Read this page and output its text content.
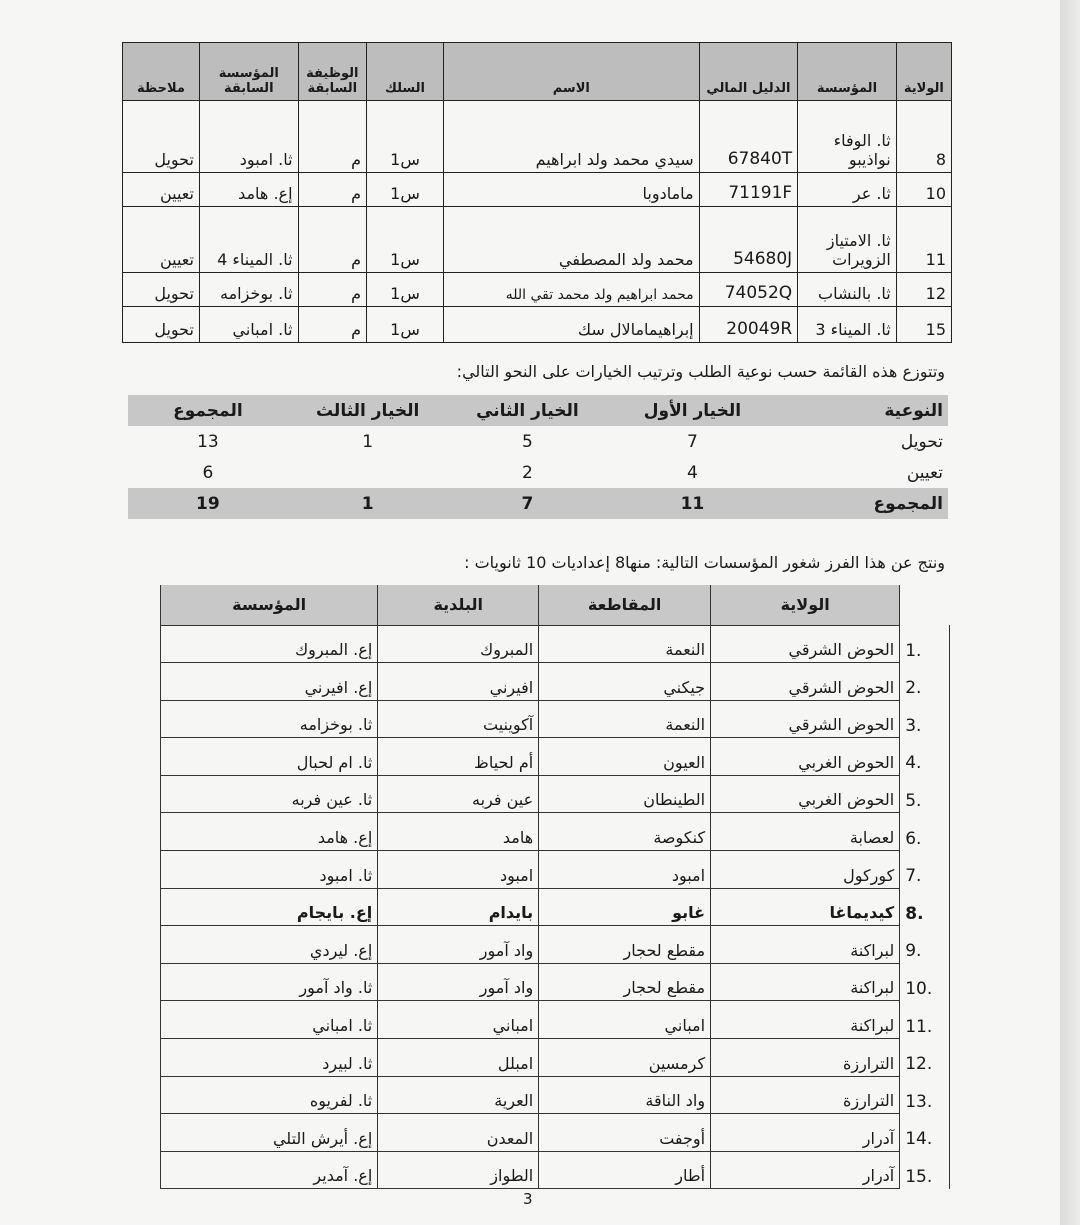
الولاية	المؤسسة	الدليل المالي	الاسم	السلك	الوظيفة السابقة	المؤسسة السابقة	ملاحظة
8	ثا. الوفاء نواذيبو	67840T	سيدي محمد ولد ابراهيم	س1	م	ثا. امبود	تحويل
10	ثا. عر	71191F	مامادوبا	س1	م	إع. هامد	تعيين
11	ثا. الامتياز الزويرات	54680J	محمد ولد المصطفي	س1	م	ثا. الميناء 4	تعيين
12	ثا. بالنشاب	74052Q	محمد ابراهيم ولد محمد تقي الله	س1	م	ثا. بوخزامه	تحويل
15	ثا. الميناء 3	20049R	إبراهيمامالال سك	س1	م	ثا. امباني	تحويل
وتتوزع هذه القائمة حسب نوعية الطلب وترتيب الخيارات على النحو التالي:
النوعية	الخيار الأول	الخيار الثاني	الخيار الثالث	المجموع
تحويل	7	5	1	13
تعيين	4	2		6
المجموع	11	7	1	19
ونتج عن هذا الفرز شغور المؤسسات التالية: منها8 إعداديات 10 ثانويات :
	الولاية	المقاطعة	البلدية	المؤسسة
1.	الحوض الشرقي	النعمة	المبروك	إع. المبروك
2.	الحوض الشرقي	جيكني	افيرني	إع. افيرني
3.	الحوض الشرقي	النعمة	آكوينيت	ثا. بوخزامه
4.	الحوض الغربي	العيون	أم لحياظ	ثا. ام لحبال
5.	الحوض الغربي	الطينطان	عين فربه	ثا. عين فربه
6.	لعصابة	كنكوصة	هامد	إع. هامد
7.	كوركول	امبود	امبود	ثا. امبود
8.	كيديماغا	غابو	بايدام	إع. بايجام
9.	لبراكنة	مقطع لحجار	واد آمور	إع. ليردي
10.	لبراكنة	مقطع لحجار	واد آمور	ثا. واد آمور
11.	لبراكنة	امباني	امباني	ثا. امباني
12.	الترارزة	كرمسين	امبلل	ثا. لبيرد
13.	الترارزة	واد الناقة	العرية	ثا. لفريوه
14.	آدرار	أوجفت	المعدن	إع. أيرش التلي
15.	آدرار	أطار	الطواز	إع. آمدير
3
